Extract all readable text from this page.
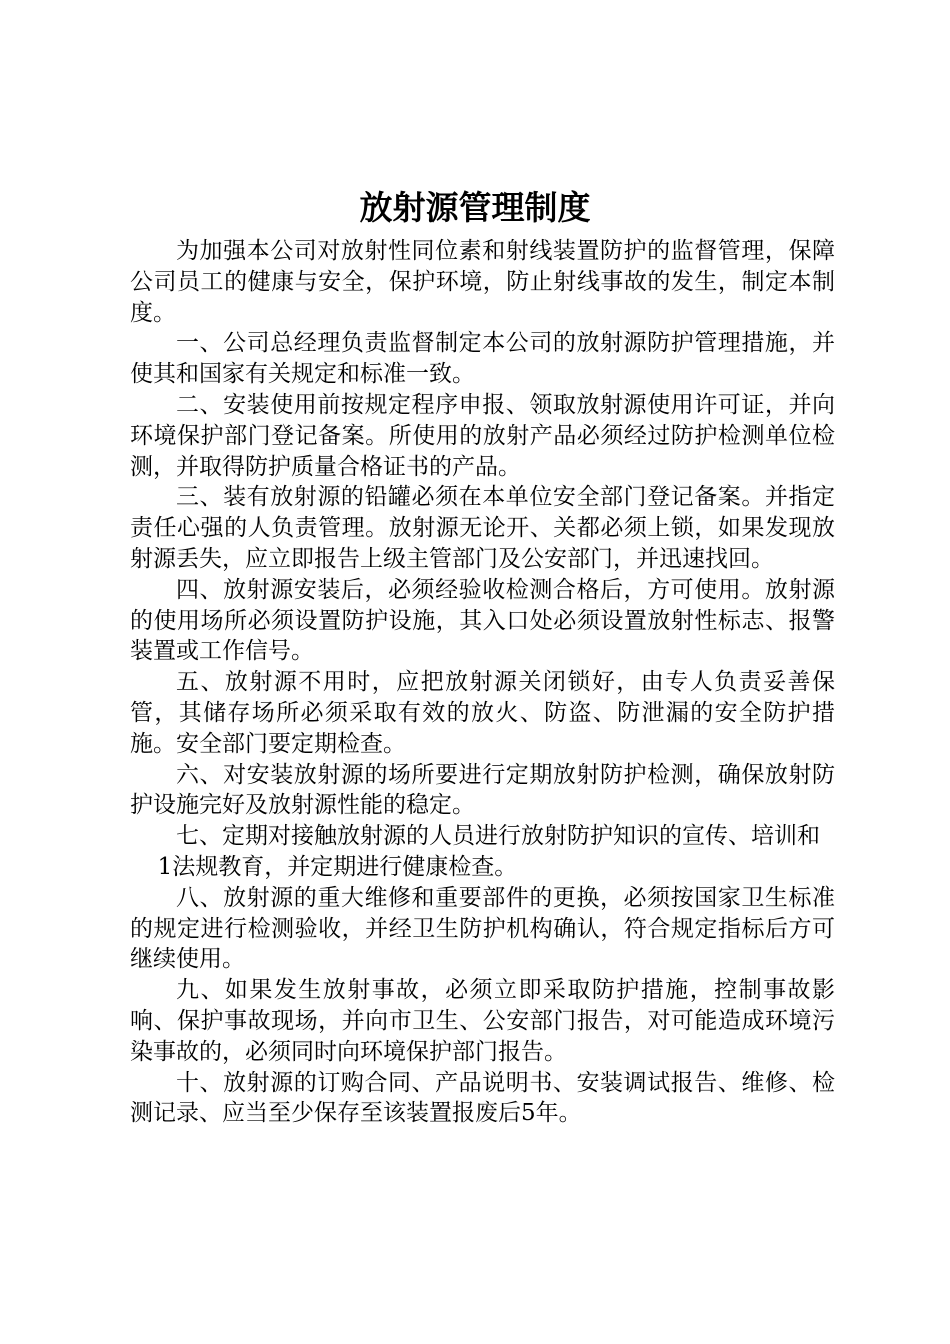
放射源管理制度

为加强本公司对放射性同位素和射线装置防护的监督管理，保障公司员工的健康与安全，保护环境，防止射线事故的发生，制定本制度。

一、公司总经理负责监督制定本公司的放射源防护管理措施，并使其和国家有关规定和标准一致。

二、安装使用前按规定程序申报、领取放射源使用许可证，并向环境保护部门登记备案。所使用的放射产品必须经过防护检测单位检测，并取得防护质量合格证书的产品。

三、装有放射源的铅罐必须在本单位安全部门登记备案。并指定责任心强的人负责管理。放射源无论开、关都必须上锁，如果发现放射源丢失，应立即报告上级主管部门及公安部门，并迅速找回。

四、放射源安装后，必须经验收检测合格后，方可使用。放射源的使用场所必须设置防护设施，其入口处必须设置放射性标志、报警装置或工作信号。

五、放射源不用时，应把放射源关闭锁好，由专人负责妥善保管，其储存场所必须采取有效的放火、防盗、防泄漏的安全防护措施。安全部门要定期检查。

六、对安装放射源的场所要进行定期放射防护检测，确保放射防护设施完好及放射源性能的稳定。

七、定期对接触放射源的人员进行放射防护知识的宣传、培训和

1法规教育，并定期进行健康检查。

八、放射源的重大维修和重要部件的更换，必须按国家卫生标准的规定进行检测验收，并经卫生防护机构确认，符合规定指标后方可继续使用。

九、如果发生放射事故，必须立即采取防护措施，控制事故影响、保护事故现场，并向市卫生、公安部门报告，对可能造成环境污染事故的，必须同时向环境保护部门报告。

十、放射源的订购合同、产品说明书、安装调试报告、维修、检测记录、应当至少保存至该装置报废后5年。
